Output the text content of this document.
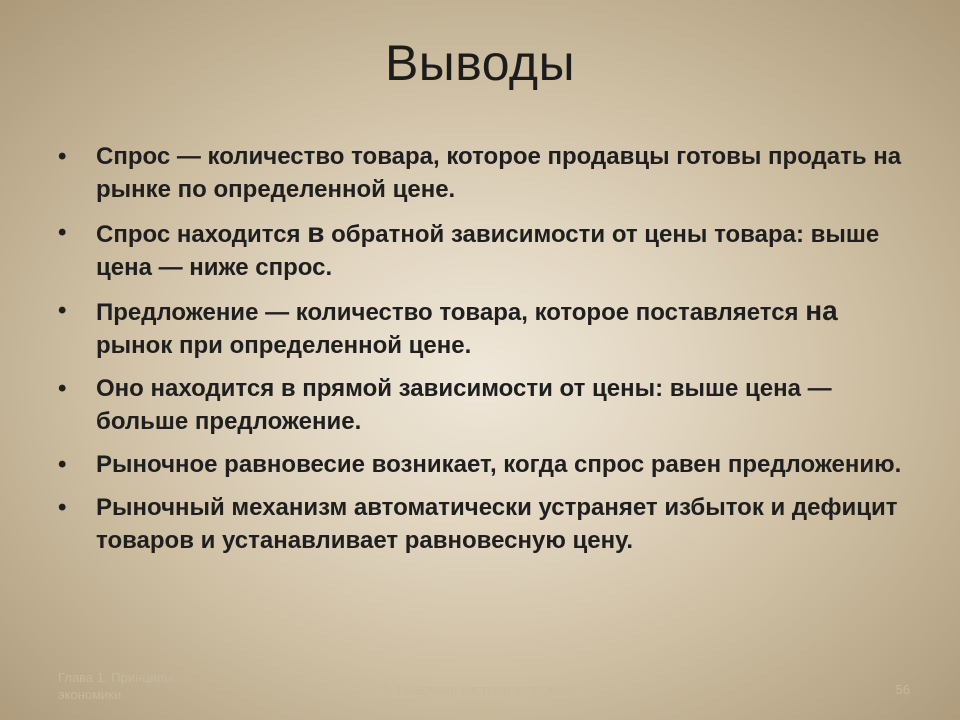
Выводы
•	Спрос — количество товара, которое продавцы готовы продать на рынке по определенной цене.
•	Спрос находится в обратной зависимости от цены товара: выше цена — ниже спрос.
•	Предложение — количество товара, которое поставляется на рынок при определенной цене.
•	Оно находится в прямой зависимости от цены: выше цена — больше предложение.
•	Рыночное равновесие возникает, когда спрос равен предложению.
•	Рыночный механизм автоматически устраняет избыток и дефицит товаров и устанавливает равновесную цену.
Глава 1. Принципы экономики	3. Рыночная система экономики	56
